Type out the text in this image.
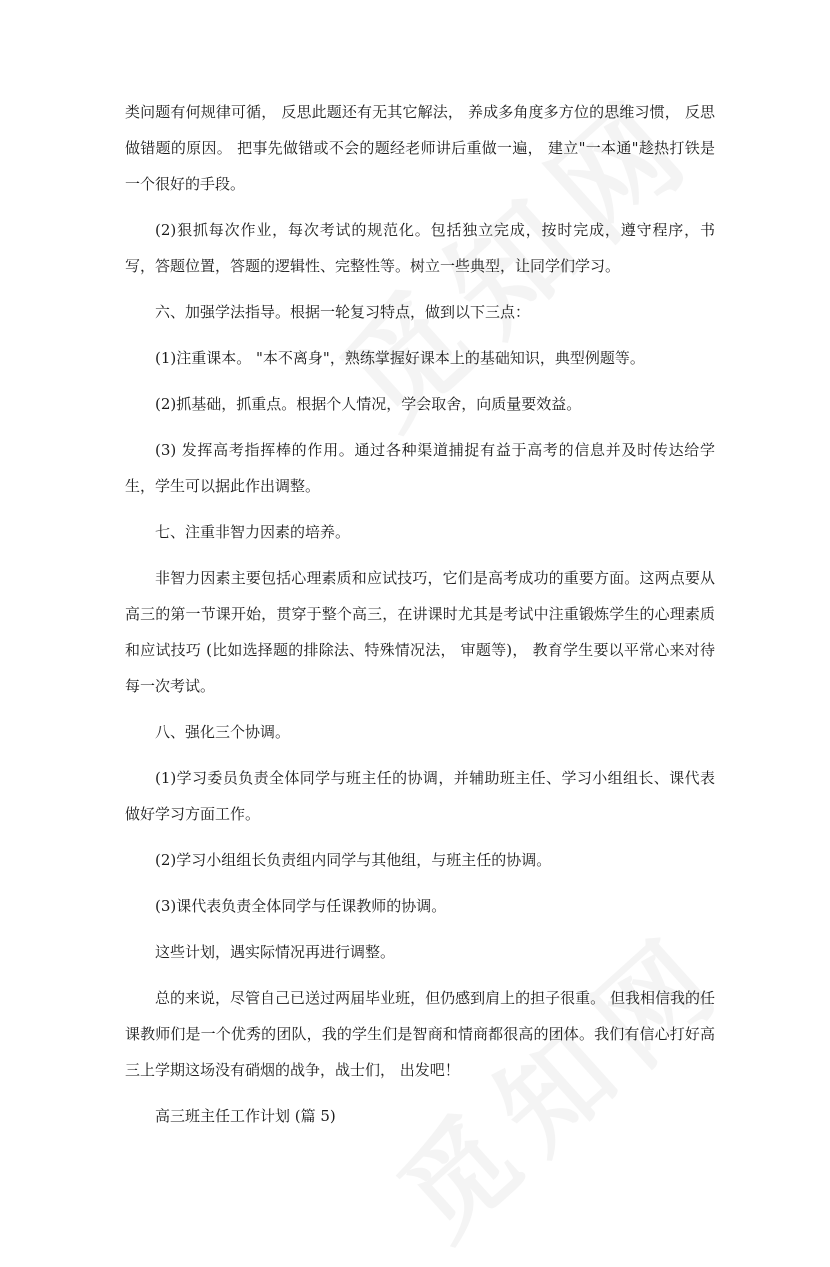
类问题有何规律可循， 反思此题还有无其它解法， 养成多角度多方位的思维习惯， 反思做错题的原因。 把事先做错或不会的题经老师讲后重做一遍， 建立"一本通"趁热打铁是一个很好的手段。

(2)狠抓每次作业，每次考试的规范化。包括独立完成，按时完成，遵守程序，书写，答题位置，答题的逻辑性、完整性等。树立一些典型，让同学们学习。

六、加强学法指导。根据一轮复习特点，做到以下三点：

(1)注重课本。 "本不离身"，熟练掌握好课本上的基础知识，典型例题等。

(2)抓基础，抓重点。根据个人情况，学会取舍，向质量要效益。

(3) 发挥高考指挥棒的作用。通过各种渠道捕捉有益于高考的信息并及时传达给学生，学生可以据此作出调整。

七、注重非智力因素的培养。

非智力因素主要包括心理素质和应试技巧，它们是高考成功的重要方面。这两点要从高三的第一节课开始，贯穿于整个高三，在讲课时尤其是考试中注重锻炼学生的心理素质和应试技巧 (比如选择题的排除法、特殊情况法， 审题等)， 教育学生要以平常心来对待每一次考试。

八、强化三个协调。

(1)学习委员负责全体同学与班主任的协调，并辅助班主任、学习小组组长、课代表做好学习方面工作。

(2)学习小组组长负责组内同学与其他组，与班主任的协调。

(3)课代表负责全体同学与任课教师的协调。

这些计划，遇实际情况再进行调整。

总的来说，尽管自己已送过两届毕业班，但仍感到肩上的担子很重。 但我相信我的任课教师们是一个优秀的团队，我的学生们是智商和情商都很高的团体。我们有信心打好高三上学期这场没有硝烟的战争，战士们， 出发吧！

高三班主任工作计划 (篇 5)
